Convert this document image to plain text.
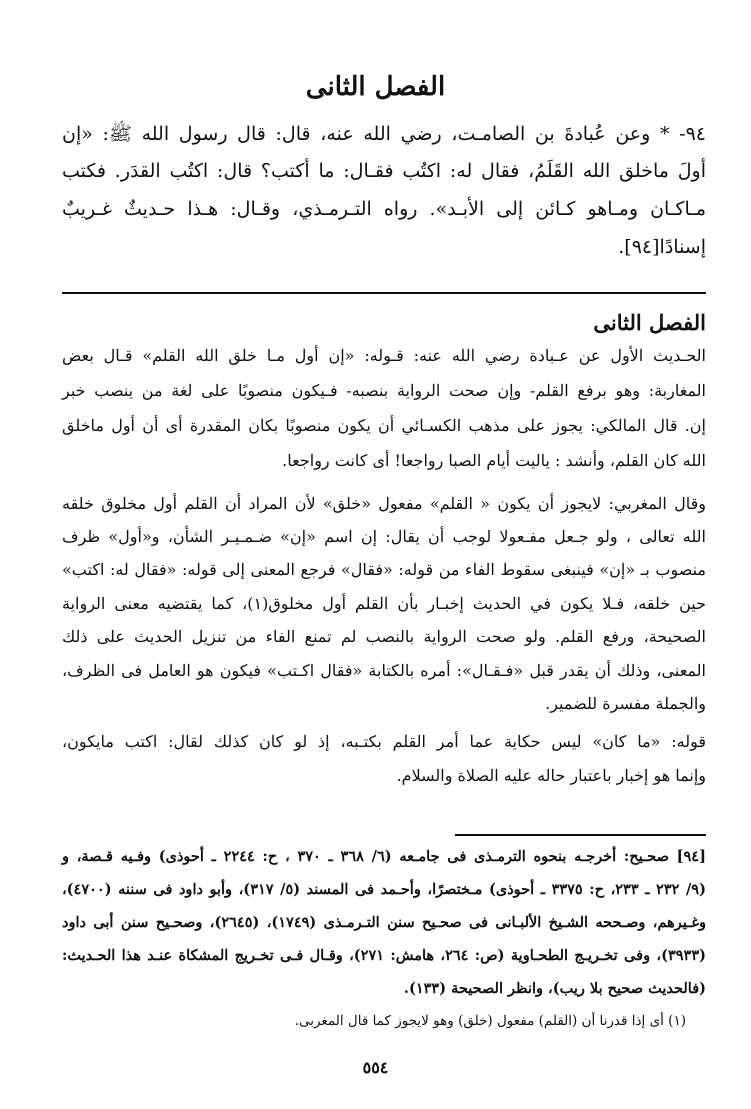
الفصل الثانى
٩٤- * وعن عُبادةَ بن الصامـت، رضي الله عنه، قال: قال رسول الله ﷺ: «إن
أولَ ماخلق الله القَلَمُ، فقال له: اكتُب فقـال: ما أكتب؟ قال: اكتُب القدَر. فكتب
مـاكـان ومـاهو كـائن إلى الأبـد». رواه التـرمـذي، وقـال: هـذا حـديثٌ غـريبٌ
إسنادًا[٩٤].
الفصل الثانى
الحـديث الأول عن عـبادة رضي الله عنه: قـوله: «إن أول مـا خلق الله القلم» قـال بعض
المغاربة: وهو برفع القلم- وإن صحت الرواية بنصبه- فـيكون منصوبًا على لغة من ينصب خبر
إن. قال المالكي: يجوز على مذهب الكسـائي أن يكون منصوبًا بكان المقدرة أى أن أول ماخلق
الله كان القلم، وأنشد : ياليت أيام الصبا رواجعا! أى كانت رواجعا.
وقال المغربي: لايجوز أن يكون « القلم» مفعول «خلق» لأن المراد أن القلم أول مخلوق خلقه
الله تعالى ، ولو جـعل مفـعولا لوجب أن يقال: إن اسم «إن» ضـمـيـر الشأن، و«أول» ظرف
منصوب بـ «إن» فينبغى سقوط الفاء من قوله: «فقال» فرجع المعنى إلى قوله: «فقال له: اكتب»
حين خلقه، فـلا يكون في الحديث إخبـار بأن القلم أول مخلوق(١)، كما يقتضيه معنى الرواية
الصحيحة، ورفع القلم. ولو صحت الرواية بالنصب لم تمنع الفاء من تنزيل الحديث على ذلك
المعنى، وذلك أن يقدر قبل «فـقـال»: أمره بالكتابة «فقال اكـتب» فيكون هو العامل فى الظرف،
والجملة مفسرة للضمير.
قوله: «ما كان» ليس حكاية عما أمر القلم بكتـبه، إذ لو كان كذلك لقال: اكتب مايكون،
وإنما هو إخبار باعتبار حاله عليه الصلاة والسلام.
[٩٤] صحـيح: أخرجـه بنحوه الترمـذى فى جامـعه (٦/ ٣٦٨ ـ ٣٧٠ ، ح: ٢٢٤٤ ـ أحوذى) وفـيه قـصة، و
(٩/ ٢٣٢ ـ ٢٣٣، ح: ٣٣٧٥ ـ أحوذى) مـختصرًا، وأحـمد فى المسند (٥/ ٣١٧)، وأبو داود فى سننه (٤٧٠٠)،
وغـيرهم، وصـححه الشـيخ الألبـانى فى صحـيح سنن التـرمـذى (١٧٤٩)، (٢٦٤٥)، وصحـيح سنن أبى داود
(٣٩٣٣)، وفى تخـريـج الطحـاوية (ص: ٢٦٤، هامش: ٢٧١)، وقـال فـى تخـريج المشكاة عنـد هذا الحـديث:
(فالحديث صحيح بلا ريب)، وانظر الصحيحة (١٣٣).
(١) أى إذا قدرنا أن (القلم) مفعول (خلق) وهو لايجوز كما قال المغربى.
٥٥٤
